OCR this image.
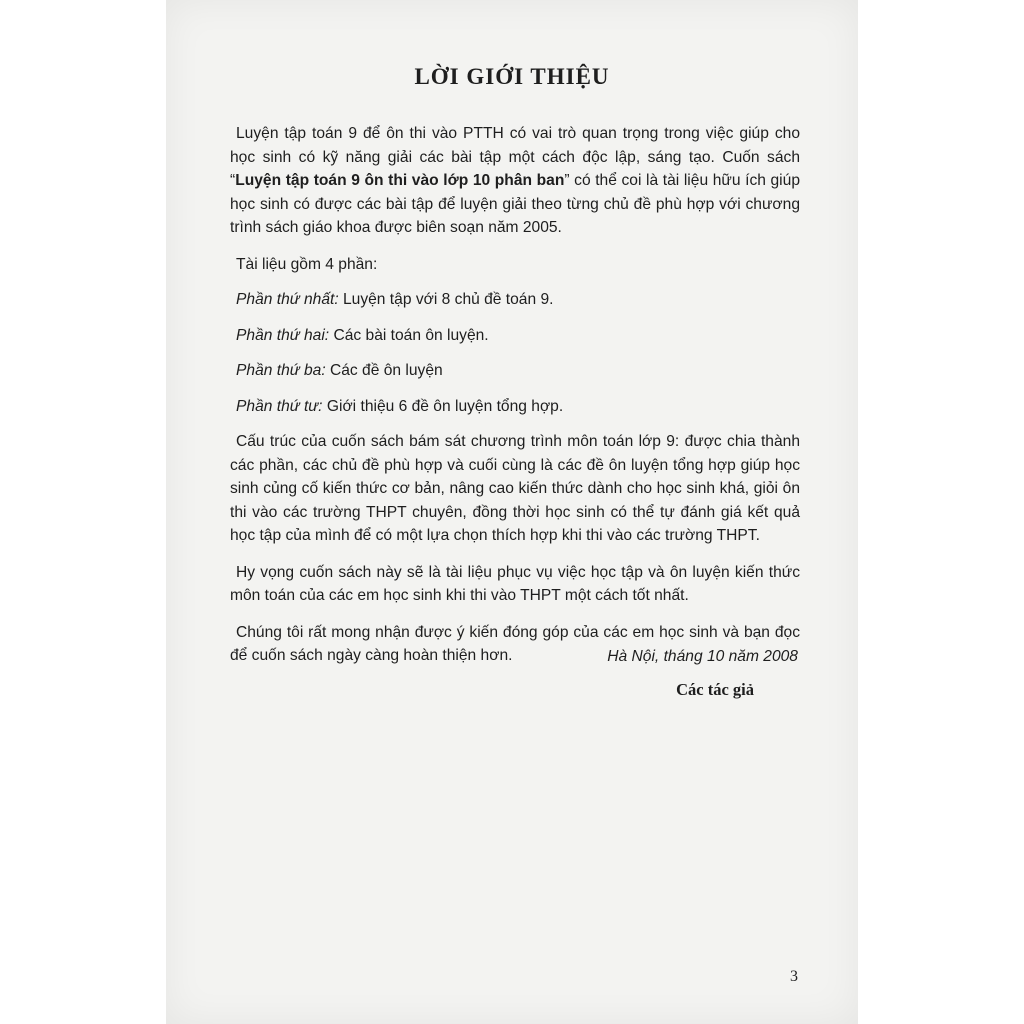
LỜI GIỚI THIỆU

Luyện tập toán 9 để ôn thi vào PTTH có vai trò quan trọng trong việc giúp cho học sinh có kỹ năng giải các bài tập một cách độc lập, sáng tạo. Cuốn sách “Luyện tập toán 9 ôn thi vào lớp 10 phân ban” có thể coi là tài liệu hữu ích giúp học sinh có được các bài tập để luyện giải theo từng chủ đề phù hợp với chương trình sách giáo khoa được biên soạn năm 2005.

Tài liệu gồm 4 phần:

Phần thứ nhất: Luyện tập với 8 chủ đề toán 9.

Phần thứ hai: Các bài toán ôn luyện.

Phần thứ ba: Các đề ôn luyện

Phần thứ tư: Giới thiệu 6 đề ôn luyện tổng hợp.

Cấu trúc của cuốn sách bám sát chương trình môn toán lớp 9: được chia thành các phần, các chủ đề phù hợp và cuối cùng là các đề ôn luyện tổng hợp giúp học sinh củng cố kiến thức cơ bản, nâng cao kiến thức dành cho học sinh khá, giỏi ôn thi vào các trường THPT chuyên, đồng thời học sinh có thể tự đánh giá kết quả học tập của mình để có một lựa chọn thích hợp khi thi vào các trường THPT.

Hy vọng cuốn sách này sẽ là tài liệu phục vụ việc học tập và ôn luyện kiến thức môn toán của các em học sinh khi thi vào THPT một cách tốt nhất.

Chúng tôi rất mong nhận được ý kiến đóng góp của các em học sinh và bạn đọc để cuốn sách ngày càng hoàn thiện hơn.	Hà Nội, tháng 10 năm 2008
Các tác giả
3
